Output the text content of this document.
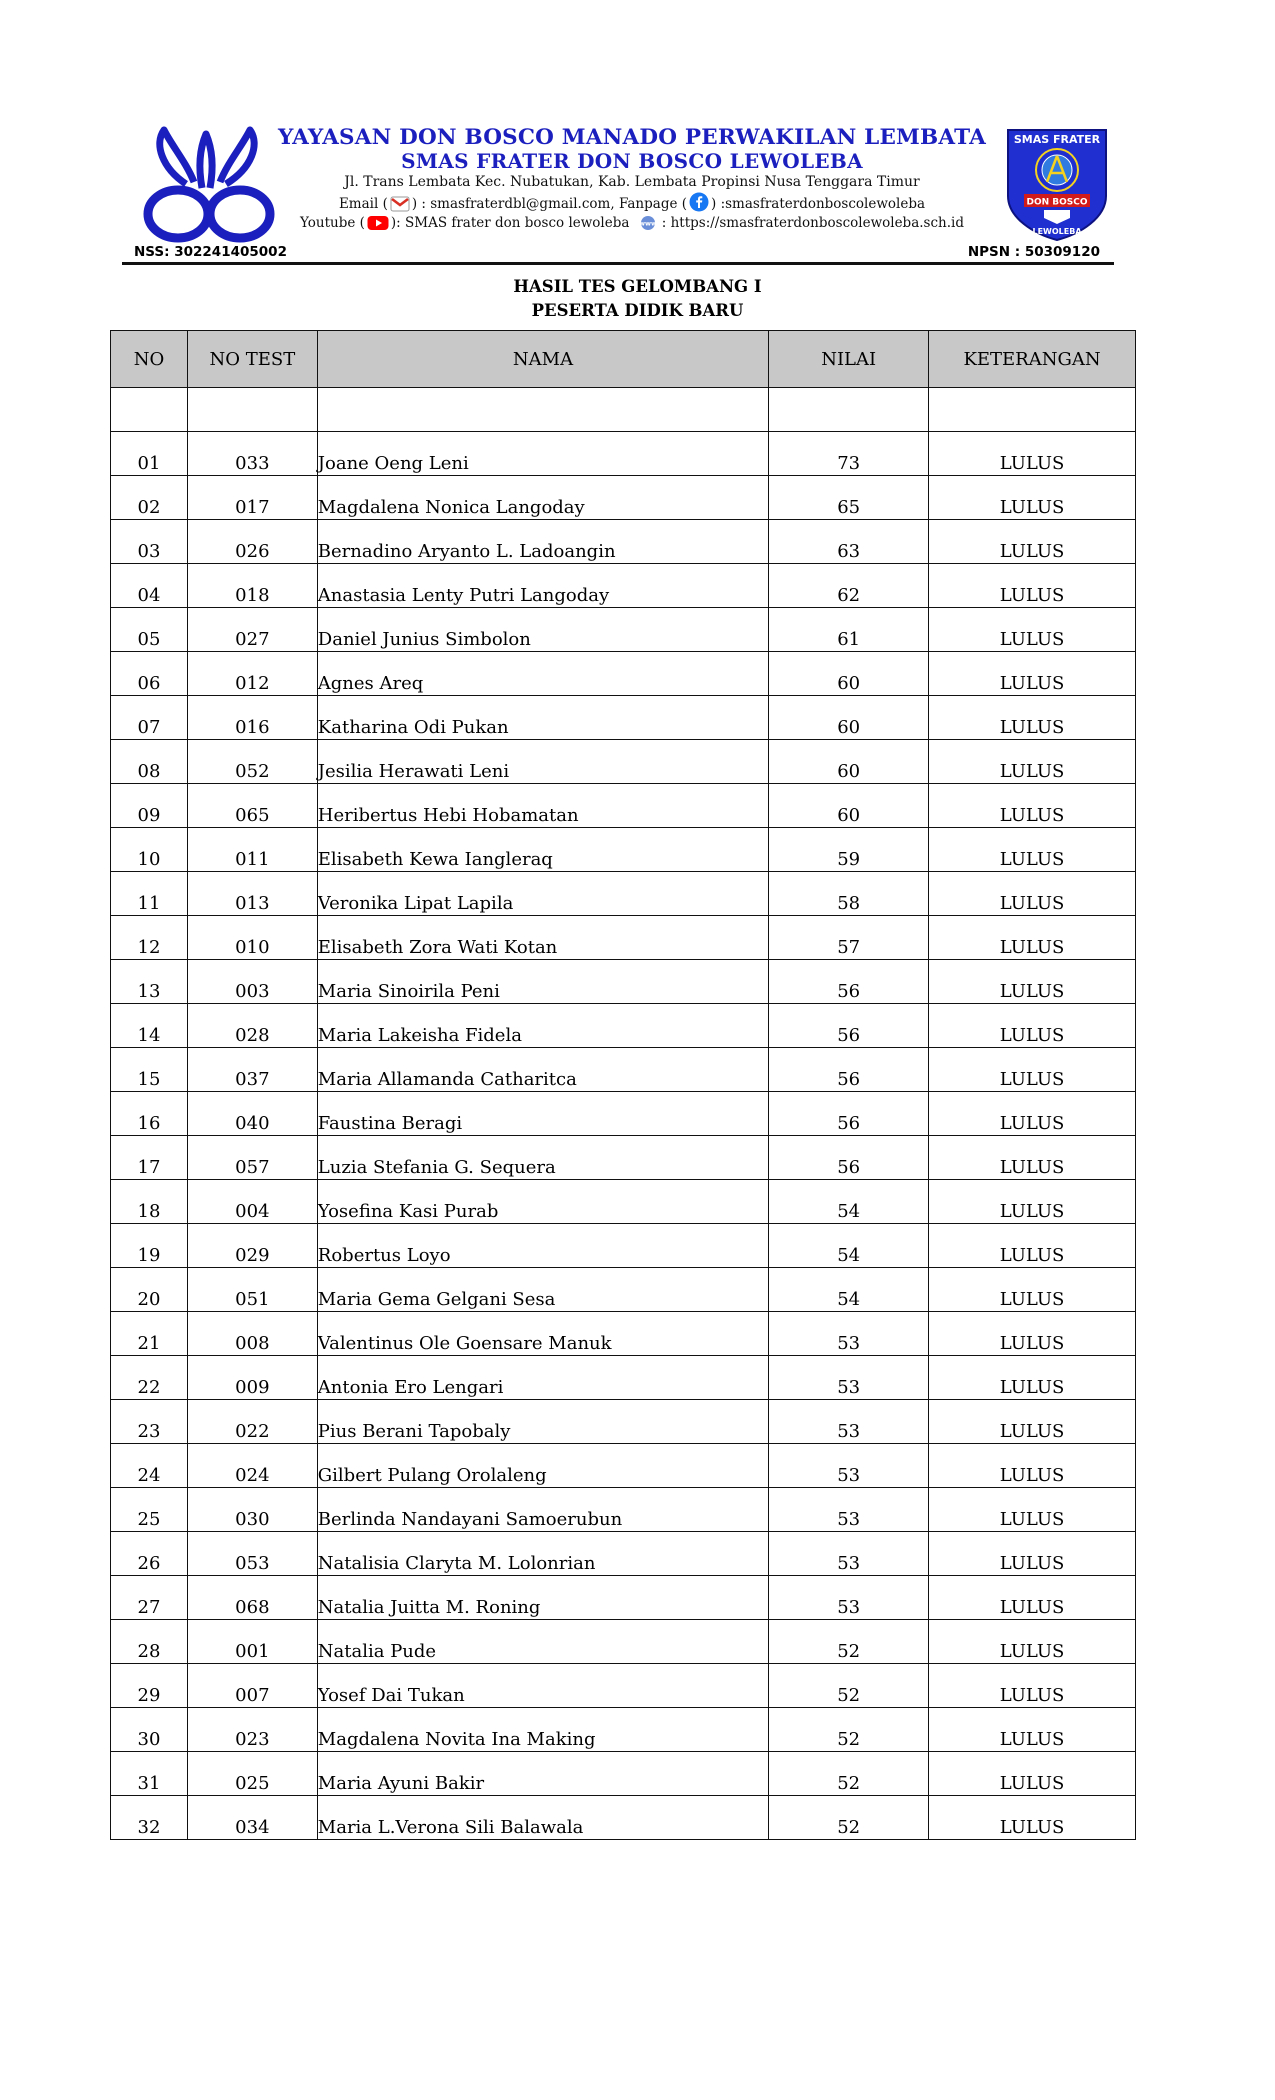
YAYASAN DON BOSCO MANADO PERWAKILAN LEMBATA
SMAS FRATER DON BOSCO LEWOLEBA
Jl. Trans Lembata Kec. Nubatukan, Kab. Lembata Propinsi Nusa Tenggara Timur
Email ( ) : smasfraterdbl@gmail.com, Fanpage ( ) :smasfraterdonboscolewoleba
Youtube ( ): SMAS frater don bosco lewoleba www : https://smasfraterdonboscolewoleba.sch.id
SMAS FRATER
DON BOSCO
LEWOLEBA
NSS: 302241405002	NPSN : 50309120
HASIL TES GELOMBANG I
PESERTA DIDIK BARU
NO	NO TEST	NAMA	NILAI	KETERANGAN

01	033	Joane Oeng Leni	73	LULUS
02	017	Magdalena Nonica Langoday	65	LULUS
03	026	Bernadino Aryanto L. Ladoangin	63	LULUS
04	018	Anastasia Lenty Putri Langoday	62	LULUS
05	027	Daniel Junius Simbolon	61	LULUS
06	012	Agnes Areq	60	LULUS
07	016	Katharina Odi Pukan	60	LULUS
08	052	Jesilia Herawati Leni	60	LULUS
09	065	Heribertus Hebi Hobamatan	60	LULUS
10	011	Elisabeth Kewa Iangleraq	59	LULUS
11	013	Veronika Lipat Lapila	58	LULUS
12	010	Elisabeth Zora Wati Kotan	57	LULUS
13	003	Maria Sinoirila Peni	56	LULUS
14	028	Maria Lakeisha Fidela	56	LULUS
15	037	Maria Allamanda Catharitca	56	LULUS
16	040	Faustina Beragi	56	LULUS
17	057	Luzia Stefania G. Sequera	56	LULUS
18	004	Yosefina Kasi Purab	54	LULUS
19	029	Robertus Loyo	54	LULUS
20	051	Maria Gema Gelgani Sesa	54	LULUS
21	008	Valentinus Ole Goensare Manuk	53	LULUS
22	009	Antonia Ero Lengari	53	LULUS
23	022	Pius Berani Tapobaly	53	LULUS
24	024	Gilbert Pulang Orolaleng	53	LULUS
25	030	Berlinda Nandayani Samoerubun	53	LULUS
26	053	Natalisia Claryta M. Lolonrian	53	LULUS
27	068	Natalia Juitta M. Roning	53	LULUS
28	001	Natalia Pude	52	LULUS
29	007	Yosef Dai Tukan	52	LULUS
30	023	Magdalena Novita Ina Making	52	LULUS
31	025	Maria Ayuni Bakir	52	LULUS
32	034	Maria L.Verona Sili Balawala	52	LULUS
